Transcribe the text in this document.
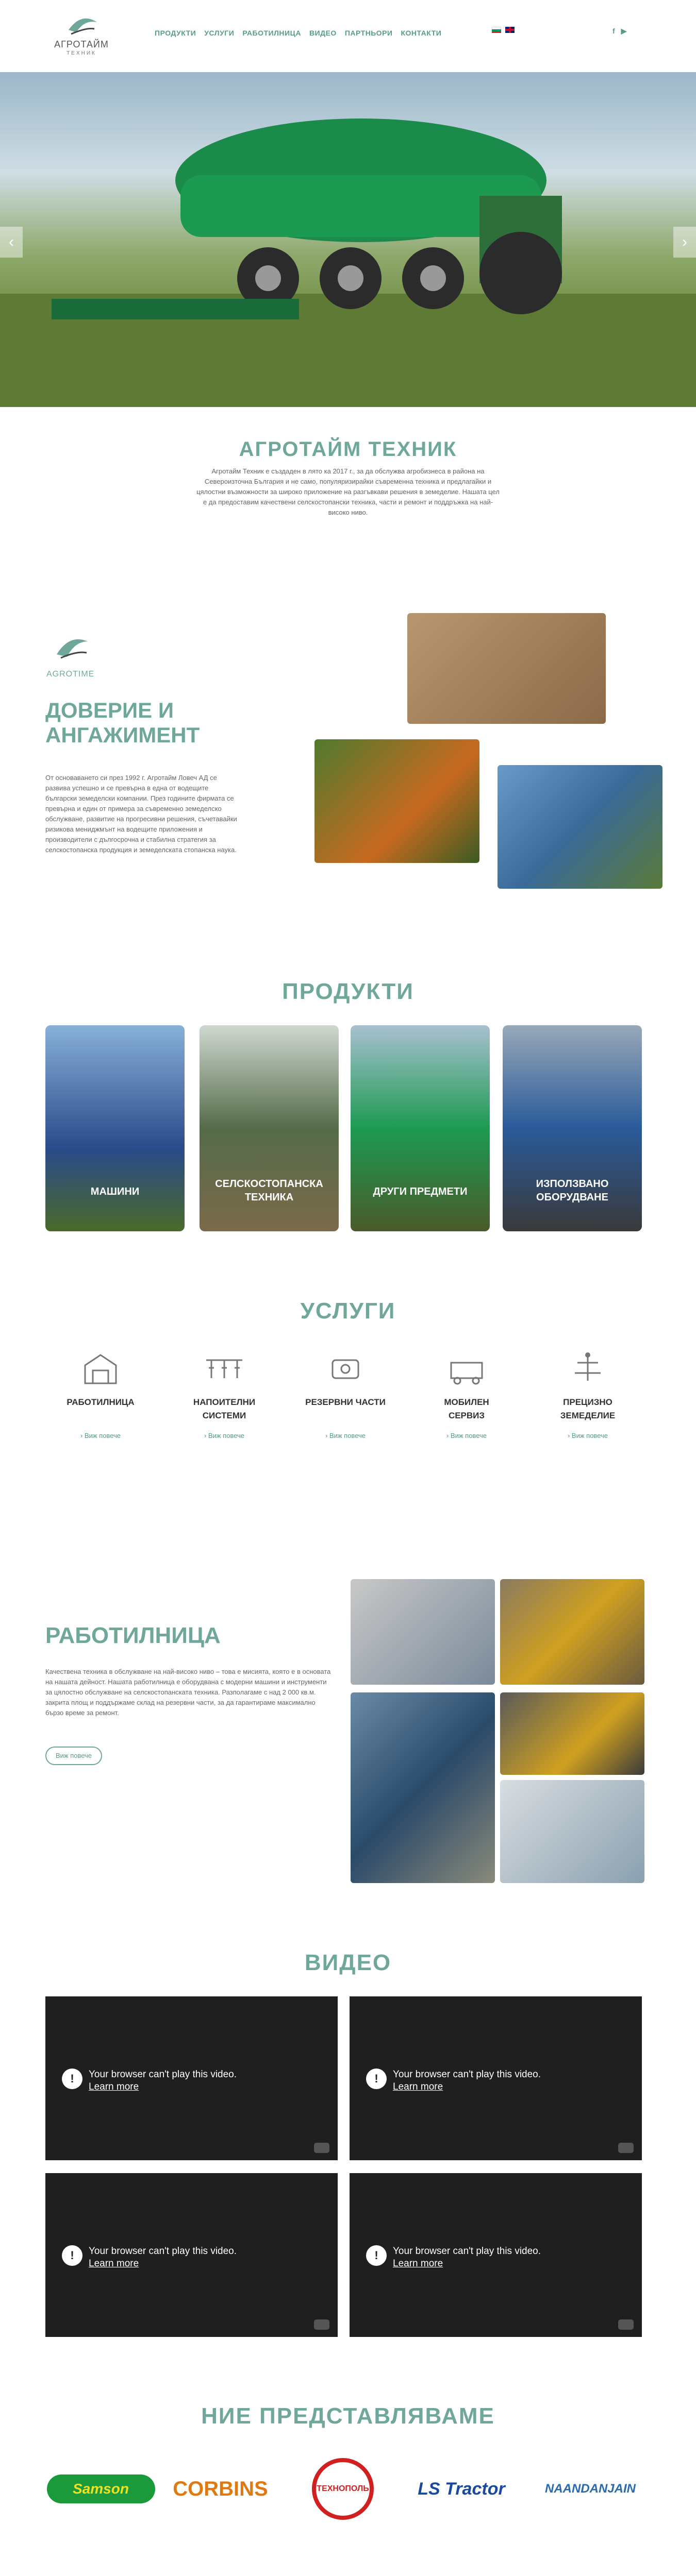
АГРОТАЙМ
ТЕХНИК
ПРОДУКТИ УСЛУГИ РАБОТИЛНИЦА ВИДЕО ПАРТНЬОРИ КОНТАКТИ	f ▶
‹	›
АГРОТАЙМ ТЕХНИК
Агротайм Техник е създаден в лято ка 2017 г., за да обслужва агробизнеса в района на Североизточна България и не само, популяризирайки съвременна техника и предлагайки и цялостни възможности за широко приложение на разгъвкави решения в земеделие. Нашата цел е да предоставим качествени селскостопански техника, части и ремонт и поддръжка на най-високо ниво.
AGROTIME
ДОВЕРИЕ И
АНГАЖИМЕНТ
От основаването си през 1992 г. Агротайм Ловеч АД се развива успешно и се превърна в една от водещите български земеделски компании. През годините фирмата се превърна и един от примера за съвременно земеделско обслужване, развитие на прогресивни решения, съчетавайки ризикова мениджмънт на водещите приложения и производители с дългосрочна и стабилна стратегия за селскостопанска продукция и земеделската стопанска наука.
ПРОДУКТИ
МАШИНИ
СЕЛСКОСТОПАНСКА
ТЕХНИКА	ДРУГИ ПРЕДМЕТИ
ИЗПОЛЗВАНО
ОБОРУДВАНЕ
УСЛУГИ
РАБОТИЛНИЦА
› Виж повече
НАПОИТЕЛНИ
СИСТЕМИ
› Виж повече
РЕЗЕРВНИ ЧАСТИ
› Виж повече
МОБИЛЕН
СЕРВИЗ
› Виж повече
ПРЕЦИЗНО
ЗЕМЕДЕЛИЕ
› Виж повече
РАБОТИЛНИЦА
Качествена техника в обслужване на най-високо ниво – това е мисията, която е в основата на нашата дейност. Нашата работилница е оборудвана с модерни машини и инструменти за цялостно обслужване на селскостопанската техника. Разполагаме с над 2 000 кв.м. закрита площ и поддържаме склад на резервни части, за да гарантираме максимално бързо време за ремонт.
Виж повече
ВИДЕО
!	Your browser can't play this video.
Learn more
!	Your browser can't play this video.
Learn more
!	Your browser can't play this video.
Learn more
!	Your browser can't play this video.
Learn more
НИЕ ПРЕДСТАВЛЯВАМЕ
Samson	CORBINS	ТЕХНОПОЛЬ	LS Tractor	NAANDANJAIN
